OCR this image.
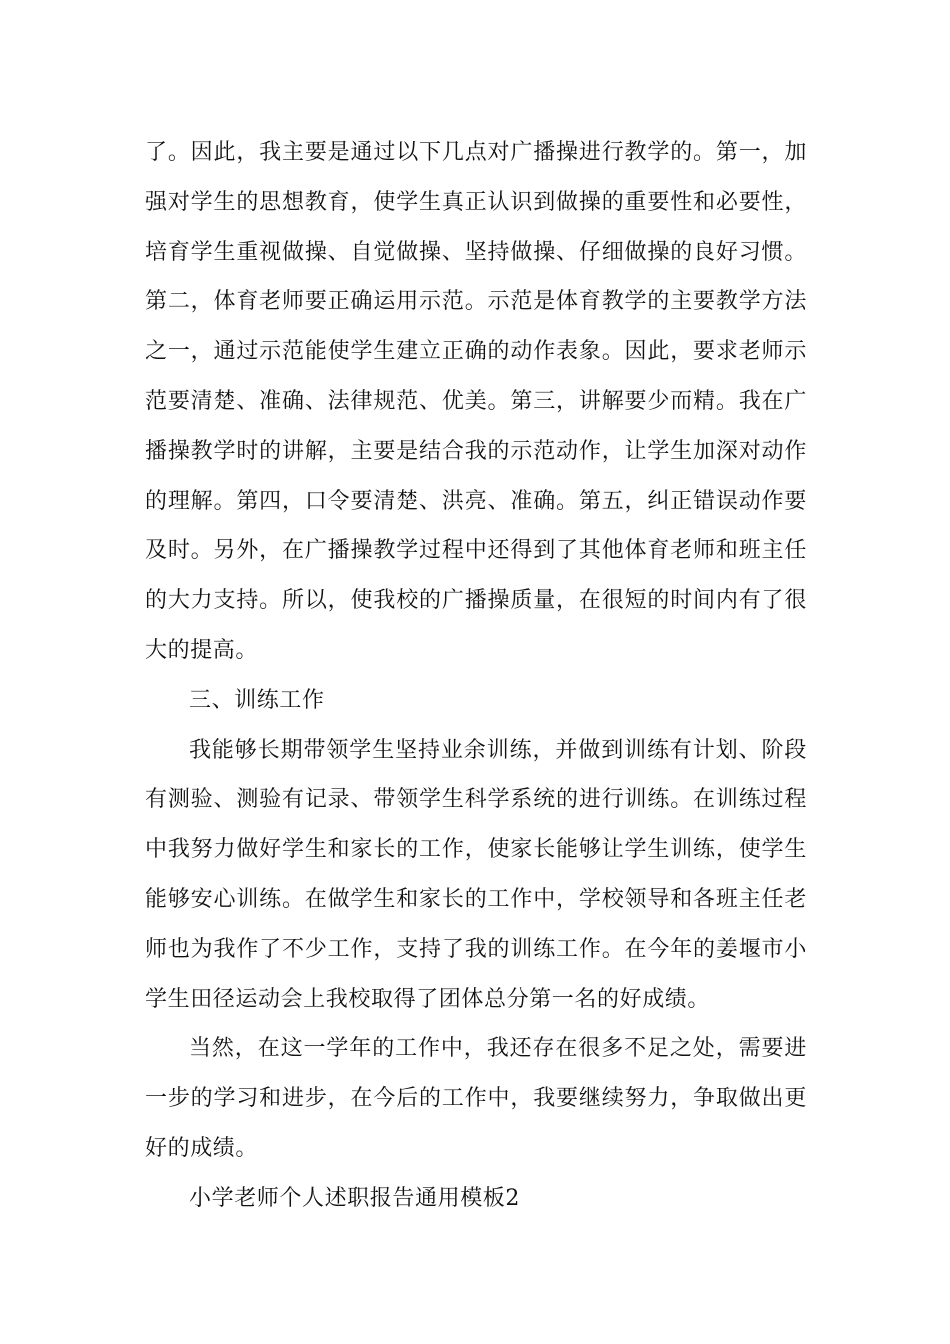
了。因此，我主要是通过以下几点对广播操进行教学的。第一，加强对学生的思想教育，使学生真正认识到做操的重要性和必要性，培育学生重视做操、自觉做操、坚持做操、仔细做操的良好习惯。第二，体育老师要正确运用示范。示范是体育教学的主要教学方法之一，通过示范能使学生建立正确的动作表象。因此，要求老师示范要清楚、准确、法律规范、优美。第三，讲解要少而精。我在广播操教学时的讲解，主要是结合我的示范动作，让学生加深对动作的理解。第四，口令要清楚、洪亮、准确。第五，纠正错误动作要及时。另外，在广播操教学过程中还得到了其他体育老师和班主任的大力支持。所以，使我校的广播操质量，在很短的时间内有了很大的提高。

三、训练工作

我能够长期带领学生坚持业余训练，并做到训练有计划、阶段有测验、测验有记录、带领学生科学系统的进行训练。在训练过程中我努力做好学生和家长的工作，使家长能够让学生训练，使学生能够安心训练。在做学生和家长的工作中，学校领导和各班主任老师也为我作了不少工作，支持了我的训练工作。在今年的姜堰市小学生田径运动会上我校取得了团体总分第一名的好成绩。

当然，在这一学年的工作中，我还存在很多不足之处，需要进一步的学习和进步，在今后的工作中，我要继续努力，争取做出更好的成绩。

小学老师个人述职报告通用模板2
